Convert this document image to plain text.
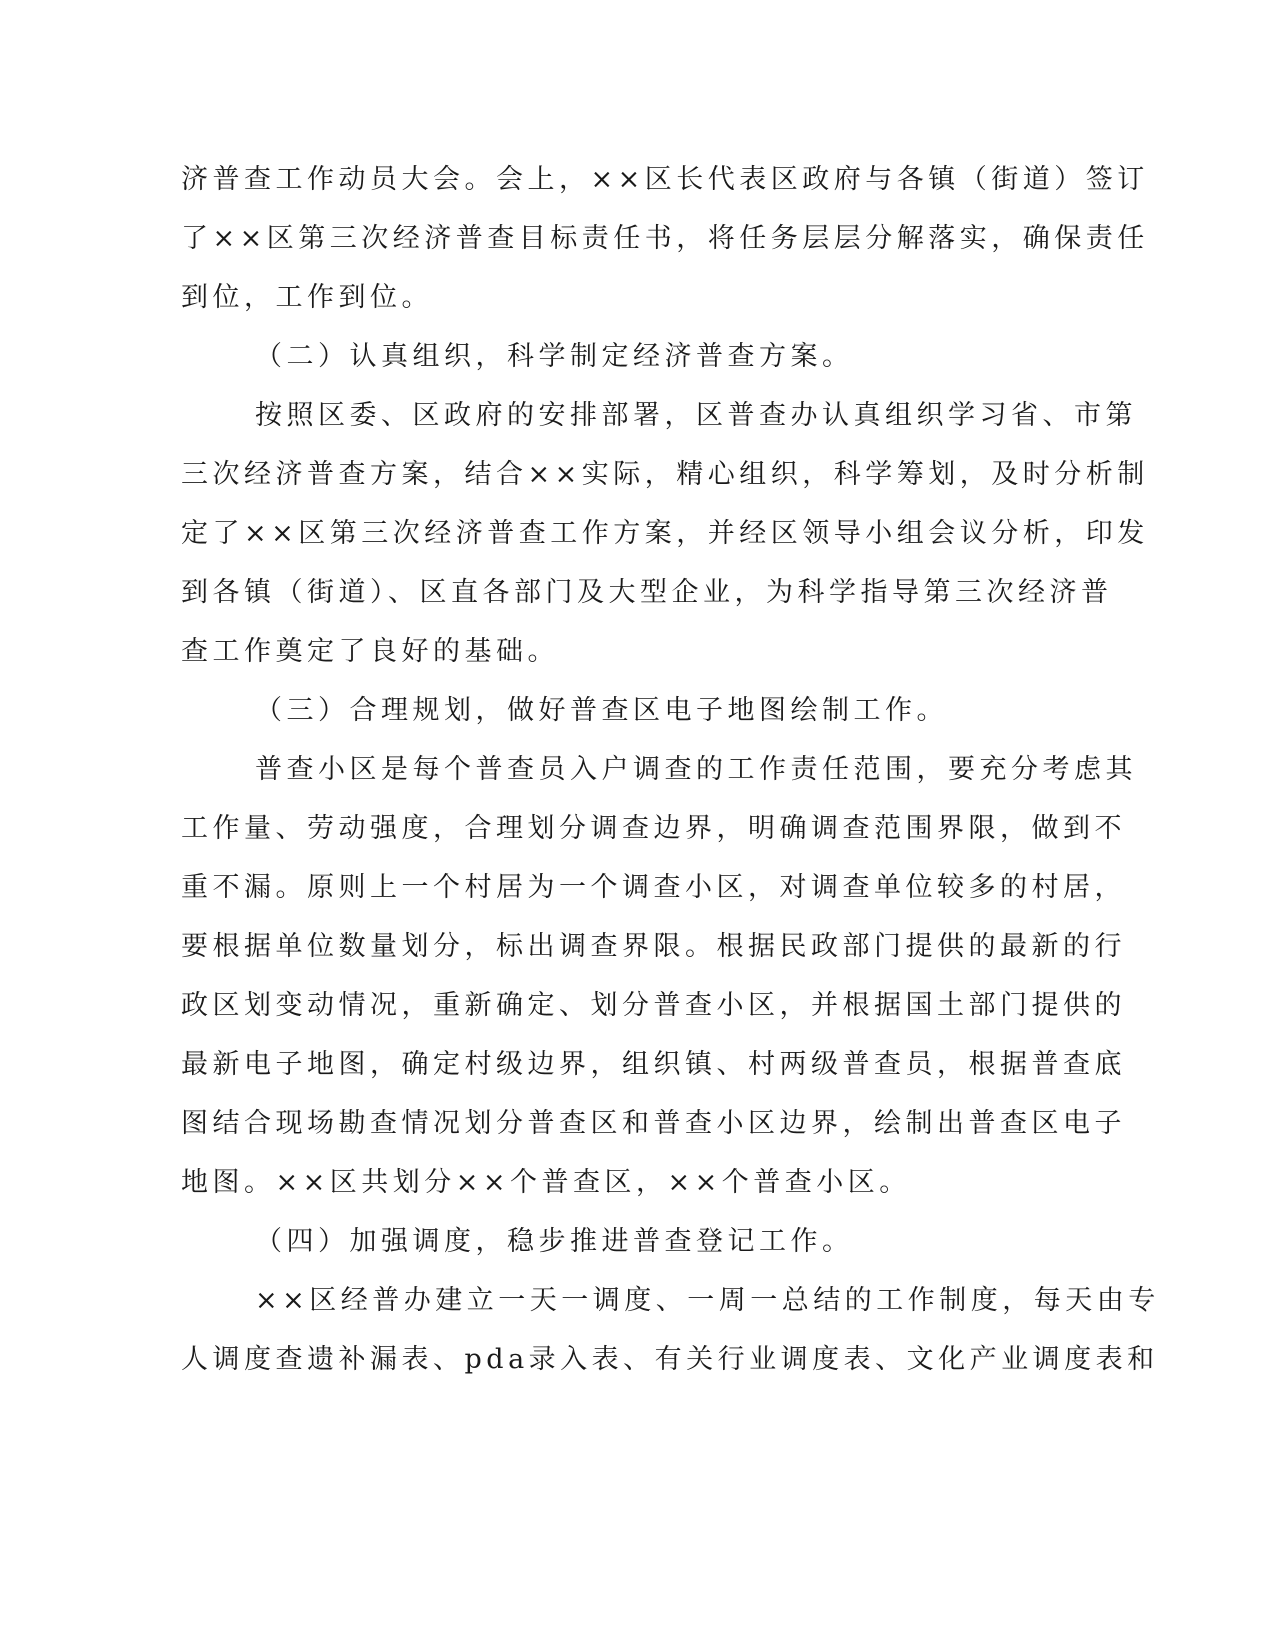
济普查工作动员大会。会上，××区长代表区政府与各镇（街道）签订
了××区第三次经济普查目标责任书，将任务层层分解落实，确保责任
到位，工作到位。
（二）认真组织，科学制定经济普查方案。
按照区委、区政府的安排部署，区普查办认真组织学习省、市第
三次经济普查方案，结合××实际，精心组织，科学筹划，及时分析制
定了××区第三次经济普查工作方案，并经区领导小组会议分析，印发
到各镇（街道）、区直各部门及大型企业，为科学指导第三次经济普
查工作奠定了良好的基础。
（三）合理规划，做好普查区电子地图绘制工作。
普查小区是每个普查员入户调查的工作责任范围，要充分考虑其
工作量、劳动强度，合理划分调查边界，明确调查范围界限，做到不
重不漏。原则上一个村居为一个调查小区，对调查单位较多的村居，
要根据单位数量划分，标出调查界限。根据民政部门提供的最新的行
政区划变动情况，重新确定、划分普查小区，并根据国土部门提供的
最新电子地图，确定村级边界，组织镇、村两级普查员，根据普查底
图结合现场勘查情况划分普查区和普查小区边界，绘制出普查区电子
地图。××区共划分××个普查区，××个普查小区。
（四）加强调度，稳步推进普查登记工作。
××区经普办建立一天一调度、一周一总结的工作制度，每天由专
人调度查遗补漏表、pda录入表、有关行业调度表、文化产业调度表和
